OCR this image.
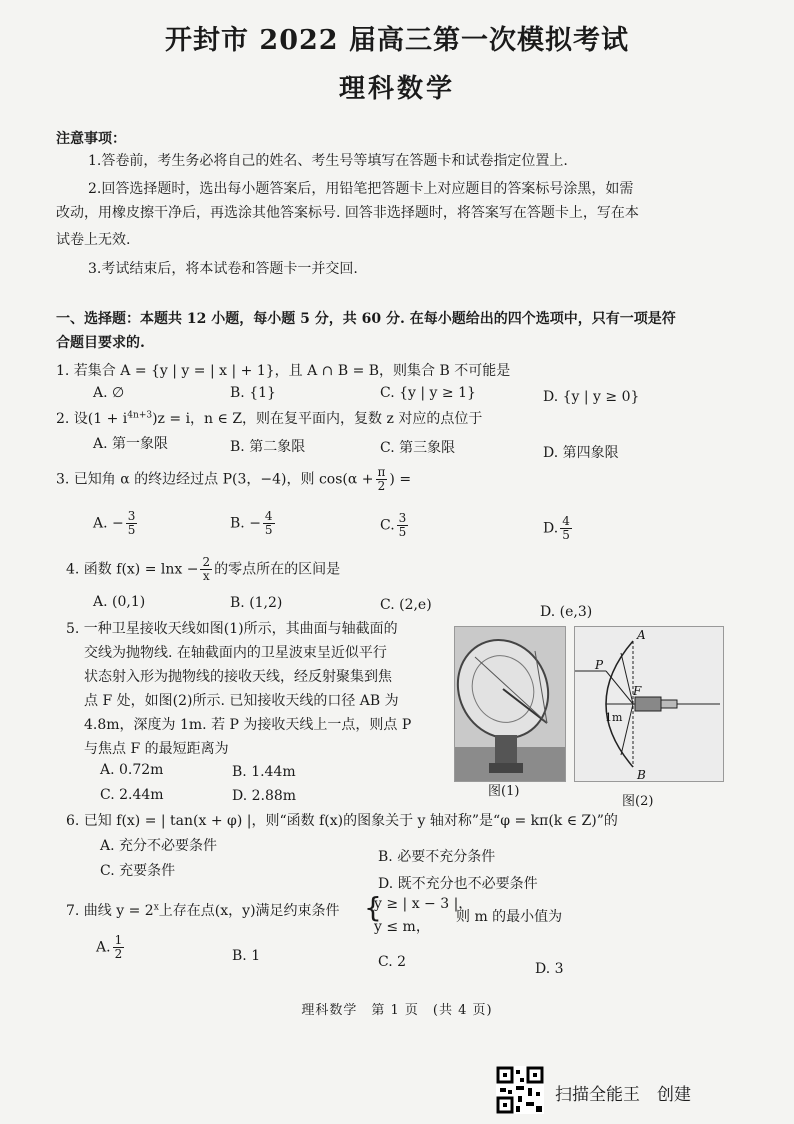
开封市 2022 届高三第一次模拟考试
理科数学
注意事项：
1.答卷前，考生务必将自己的姓名、考生号等填写在答题卡和试卷指定位置上.
2.回答选择题时，选出每小题答案后，用铅笔把答题卡上对应题目的答案标号涂黑，如需
改动，用橡皮擦干净后，再选涂其他答案标号. 回答非选择题时，将答案写在答题卡上，写在本
试卷上无效.
3.考试结束后，将本试卷和答题卡一并交回.
一、选择题：本题共 12 小题，每小题 5 分，共 60 分. 在每小题给出的四个选项中，只有一项是符
合题目要求的.
1. 若集合 A = {y | y = | x | + 1}，且 A ∩ B = B，则集合 B 不可能是
A. ∅	B. {1}	C. {y | y ≥ 1}	D. {y | y ≥ 0}
2. 设$(1 + i^{4n+3})z = i$，n ∈ Z，则在复平面内，复数 z 对应的点位于
A. 第一象限	B. 第二象限	C. 第三象限	D. 第四象限
3. 已知角 α 的终边经过点 P(3，−4)，则 $\cos(\alpha + \frac{\pi}{2}$ ) =
A. − $\frac{3}{5}$	B. − $\frac{4}{5}$	C. $\frac{3}{5}$	D. $\frac{4}{5}$
4. 函数 $f(x) = \ln x - \frac{2}{x}$ 的零点所在的区间是
A. (0,1)	B. (1,2)	C. (2,e)	D. (e,3)
5. 一种卫星接收天线如图(1)所示，其曲面与轴截面的
交线为抛物线. 在轴截面内的卫星波束呈近似平行
状态射入形为抛物线的接收天线，经反射聚集到焦
点 F 处，如图(2)所示. 已知接收天线的口径 AB 为
4.8m，深度为 1m. 若 P 为接收天线上一点，则点 P
与焦点 F 的最短距离为
A. 0.72m	B. 1.44m
C. 2.44m	D. 2.88m
A
B
P
F
1m
图(1)
图(2)
6. 已知 f(x) = | tan(x + φ) |，则“函数 f(x)的图象关于 y 轴对称”是“φ = kπ(k ∈ Z)”的
A. 充分不必要条件
B. 必要不充分条件
C. 充要条件
D. 既不充分也不必要条件
7. 曲线 $y = 2^x$上存在点(x，y)满足约束条件 {
y ≥ | x − 3 |，
y ≤ m，
则 m 的最小值为
A. $\frac{1}{2}$	B. 1	C. 2	D. 3
理科数学　第 1 页　(共 4 页)
扫描全能王　创建
